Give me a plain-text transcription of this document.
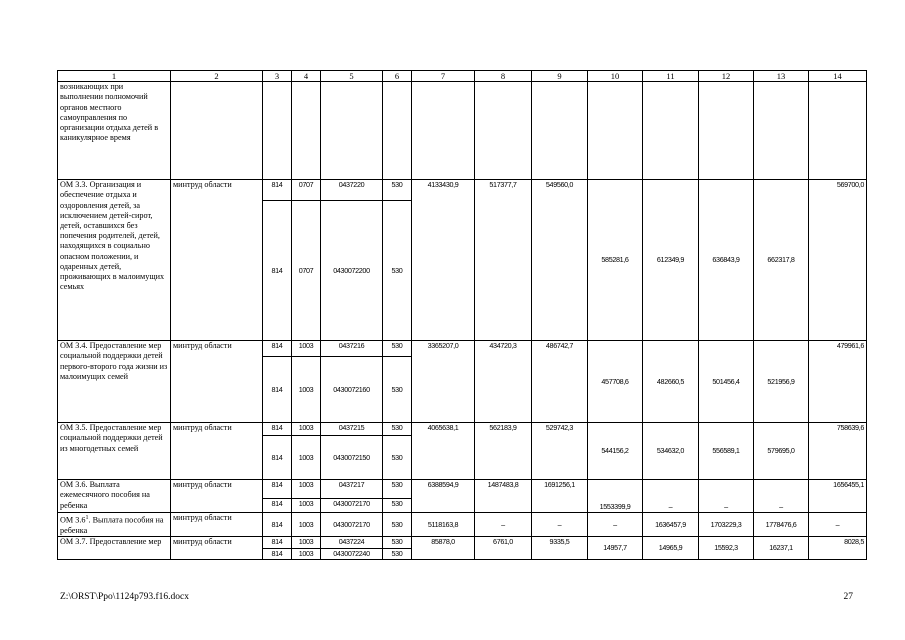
1	2	3	4	5	6	7	8	9	10	11	12	13	14
возникающих при выполнении полномочий органов местного самоуправления по организации отдыха детей в каникулярное время													
ОМ 3.3. Организация и обеспечение отдыха и оздоровления детей, за исключением детей-сирот, детей, оставшихся без попечения родителей, детей, находящихся в социально опасном положении, и одаренных детей, проживающих в малоимущих семьях	минтруд области	814	0707	0437220	530	4133430,9	517377,7	549560,0	585281,6	612349,9	636843,9	662317,8	569700,0
		814	0707	0430072200	530								
ОМ 3.4. Предоставление мер социальной поддержки детей первого-второго года жизни из малоимущих семей	минтруд области	814	1003	0437216	530	3365207,0	434720,3	486742,7	457708,6	482660,5	501456,4	521956,9	479961,6
		814	1003	0430072160	530								
ОМ 3.5. Предоставление мер социальной поддержки детей из многодетных семей	минтруд области	814	1003	0437215	530	4065638,1	562183,9	529742,3	544156,2	534632,0	556589,1	579695,0	758639,6
		814	1003	0430072150	530								
ОМ 3.6. Выплата ежемесячного пособия на ребенка	минтруд области	814	1003	0437217	530	6388594,9	1487483,8	1691256,1	1553399,9	–	–	–	1656455,1
		814	1003	0430072170	530								
ОМ $3.6^1$. Выплата пособия на ребенка	минтруд области	814	1003	0430072170	530	5118163,8	–	–	–	1636457,9	1703229,3	1778476,6	–
ОМ 3.7. Предоставление мер	минтруд области	814	1003	0437224	530	85878,0	6761,0	9335,5	14957,7	14965,9	15592,3	16237,1	8028,5
		814	1003	0430072240	530								
Z:\ORST\Ppo\1124p793.f16.docx	27
